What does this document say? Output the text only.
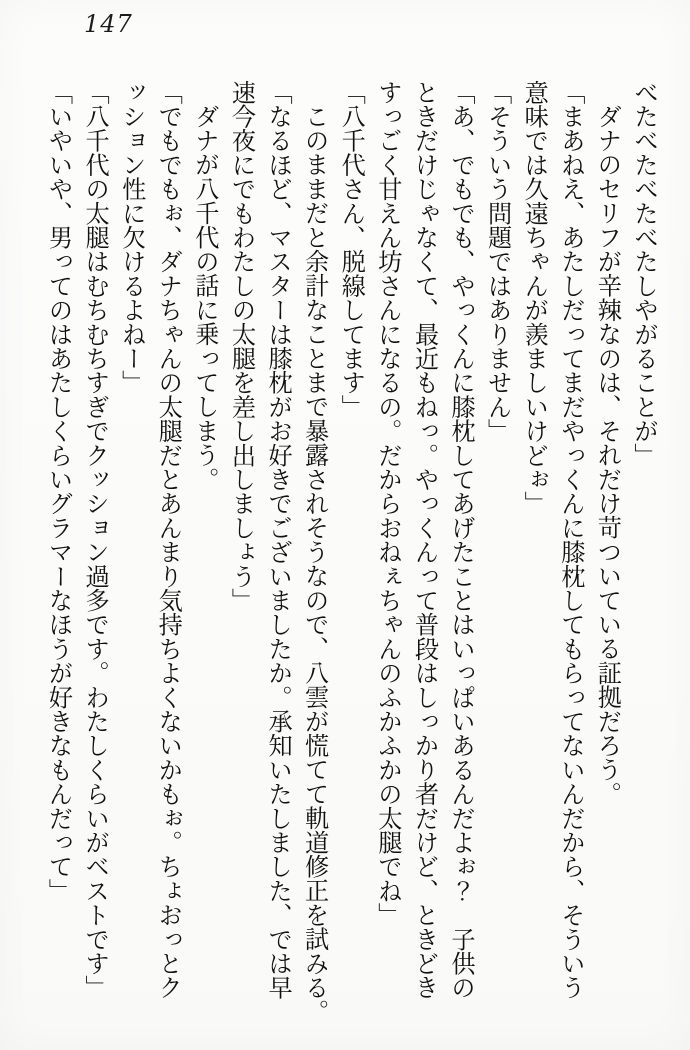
147

べたべたべたべたしやがることが」

ダナのセリフが辛辣なのは、それだけ苛ついている証拠だろう。

「まあねえ、あたしだってまだやっくんに膝枕してもらってないんだから、そういう

意味では久遠ちゃんが羨ましいけどぉ」

「そういう問題ではありません」

「あ、でもでも、やっくんに膝枕してあげたことはいっぱいあるんだよぉ？　子供の

ときだけじゃなくて、最近もねっ。やっくんって普段はしっかり者だけど、ときどき

すっごく甘えん坊さんになるの。だからおねぇちゃんのふかふかの太腿でね」

「八千代さん、脱線してます」

このままだと余計なことまで暴露されそうなので、八雲が慌てて軌道修正を試みる。

「なるほど、マスターは膝枕がお好きでございましたか。承知いたしました、では早

速今夜にでもわたしの太腿を差し出しましょう」

ダナが八千代の話に乗ってしまう。

「でもでもぉ、ダナちゃんの太腿だとあんまり気持ちよくないかもぉ。ちょおっとク

ッション性に欠けるよねー」

「八千代の太腿はむちむちすぎでクッション過多です。わたしくらいがベストです」

「いやいや、男ってのはあたしくらいグラマーなほうが好きなもんだって」
